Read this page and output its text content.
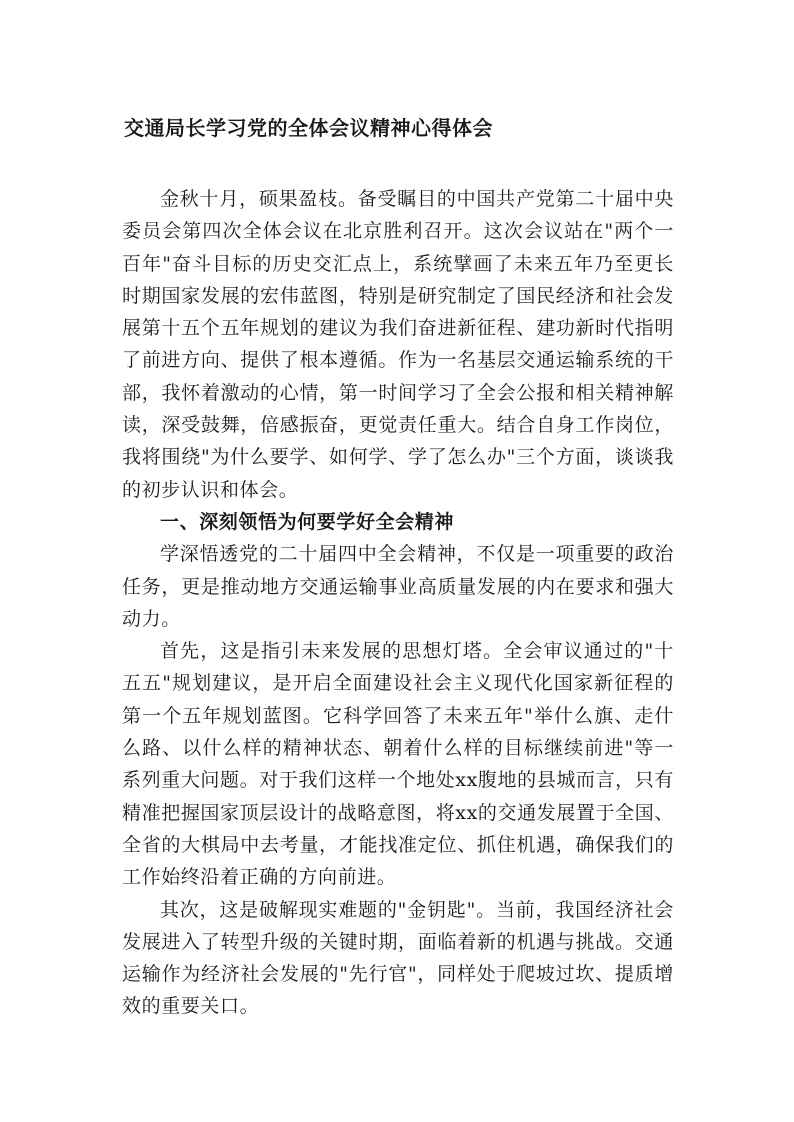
交通局长学习党的全体会议精神心得体会

金秋十月，硕果盈枝。备受瞩目的中国共产党第二十届中央委员会第四次全体会议在北京胜利召开。这次会议站在"两个一百年"奋斗目标的历史交汇点上，系统擘画了未来五年乃至更长时期国家发展的宏伟蓝图，特别是研究制定了国民经济和社会发展第十五个五年规划的建议为我们奋进新征程、建功新时代指明了前进方向、提供了根本遵循。作为一名基层交通运输系统的干部，我怀着激动的心情，第一时间学习了全会公报和相关精神解读，深受鼓舞，倍感振奋，更觉责任重大。结合自身工作岗位，我将围绕"为什么要学、如何学、学了怎么办"三个方面，谈谈我的初步认识和体会。

一、深刻领悟为何要学好全会精神

学深悟透党的二十届四中全会精神，不仅是一项重要的政治任务，更是推动地方交通运输事业高质量发展的内在要求和强大动力。

首先，这是指引未来发展的思想灯塔。全会审议通过的"十五五"规划建议，是开启全面建设社会主义现代化国家新征程的第一个五年规划蓝图。它科学回答了未来五年"举什么旗、走什么路、以什么样的精神状态、朝着什么样的目标继续前进"等一系列重大问题。对于我们这样一个地处xx腹地的县城而言，只有精准把握国家顶层设计的战略意图，将xx的交通发展置于全国、全省的大棋局中去考量，才能找准定位、抓住机遇，确保我们的工作始终沿着正确的方向前进。

其次，这是破解现实难题的"金钥匙"。当前，我国经济社会发展进入了转型升级的关键时期，面临着新的机遇与挑战。交通运输作为经济社会发展的"先行官"，同样处于爬坡过坎、提质增效的重要关口。
